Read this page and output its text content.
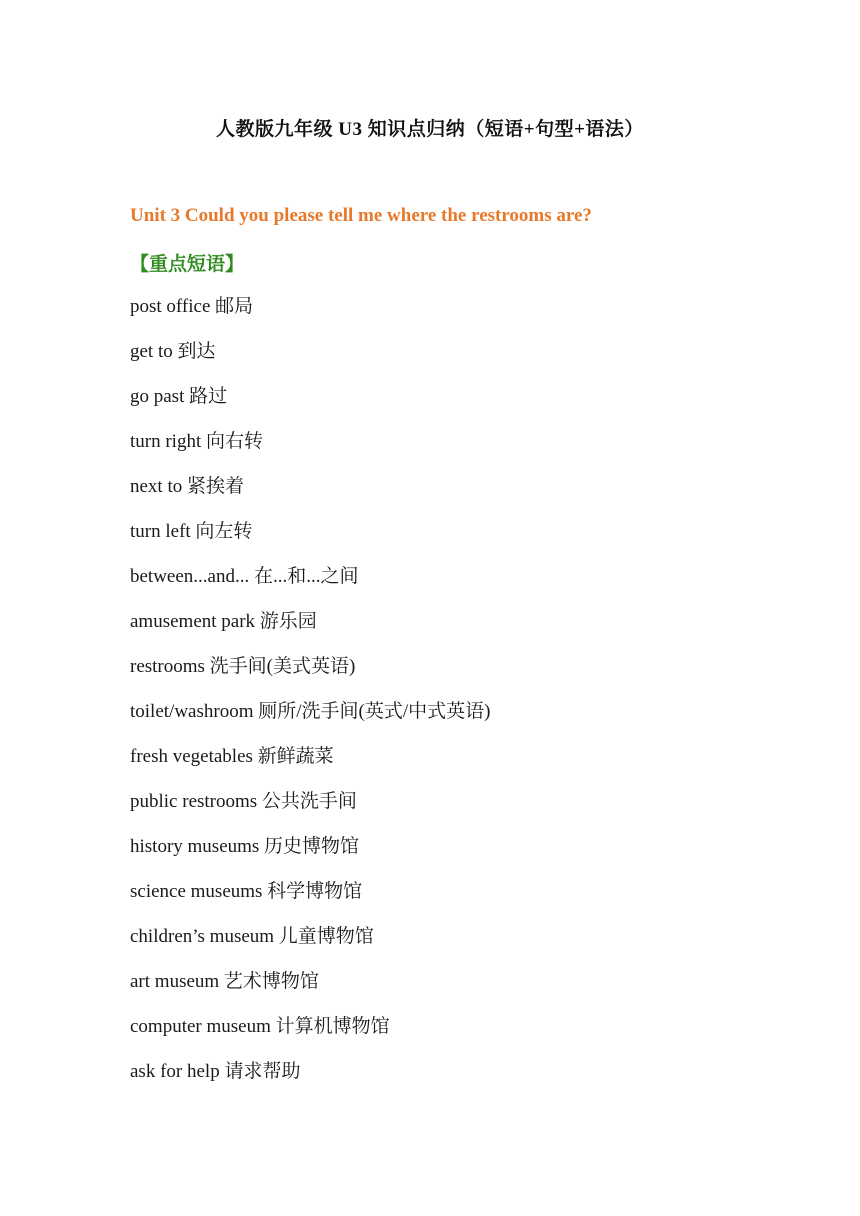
人教版九年级 U3 知识点归纳（短语+句型+语法）
Unit 3 Could you please tell me where the restrooms are?
【重点短语】
post office 邮局
get to 到达
go past 路过
turn right 向右转
next to 紧挨着
turn left 向左转
between...and... 在...和...之间
amusement park 游乐园
restrooms 洗手间(美式英语)
toilet/washroom 厕所/洗手间(英式/中式英语)
fresh vegetables 新鲜蔬菜
public restrooms 公共洗手间
history museums 历史博物馆
science museums 科学博物馆
children’s museum 儿童博物馆
art museum 艺术博物馆
computer museum 计算机博物馆
ask for help 请求帮助
